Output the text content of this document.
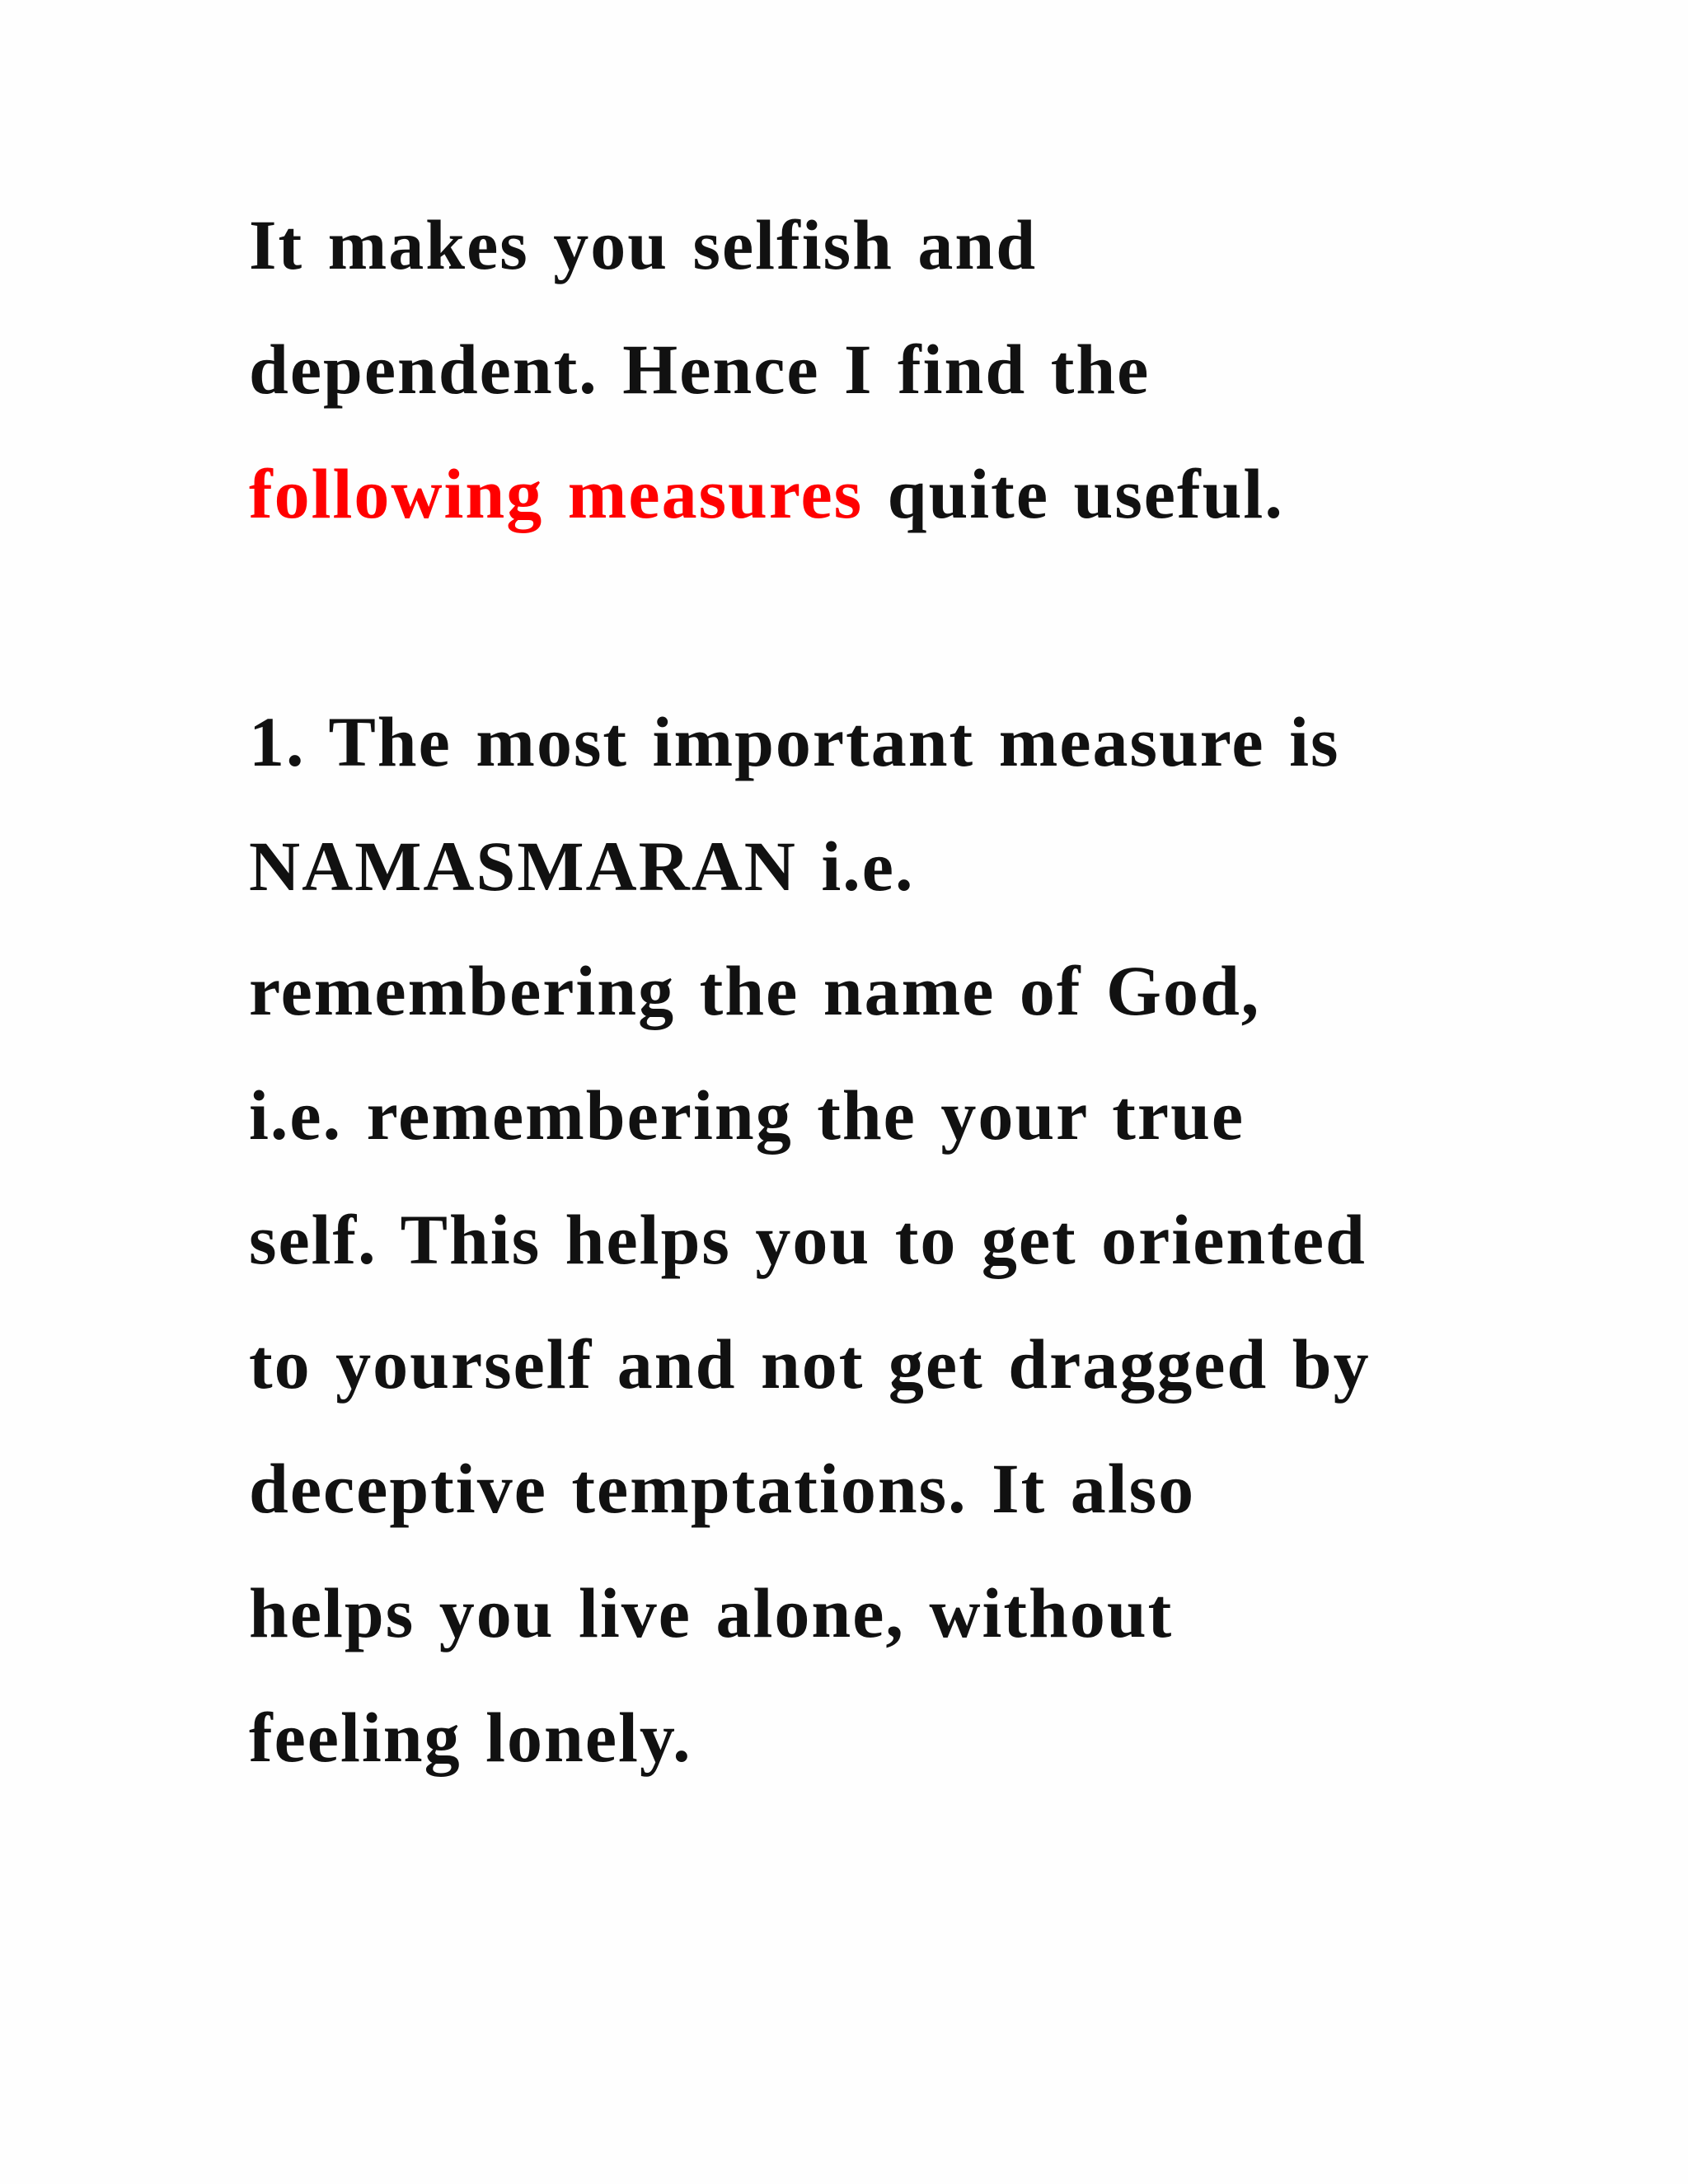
It makes you selfish and
dependent. Hence I find the
following measures quite useful.
1. The most important measure is
NAMASMARAN i.e.
remembering the name of God,
i.e. remembering the your true
self. This helps you to get oriented
to yourself and not get dragged by
deceptive temptations. It also
helps you live alone, without
feeling lonely.
